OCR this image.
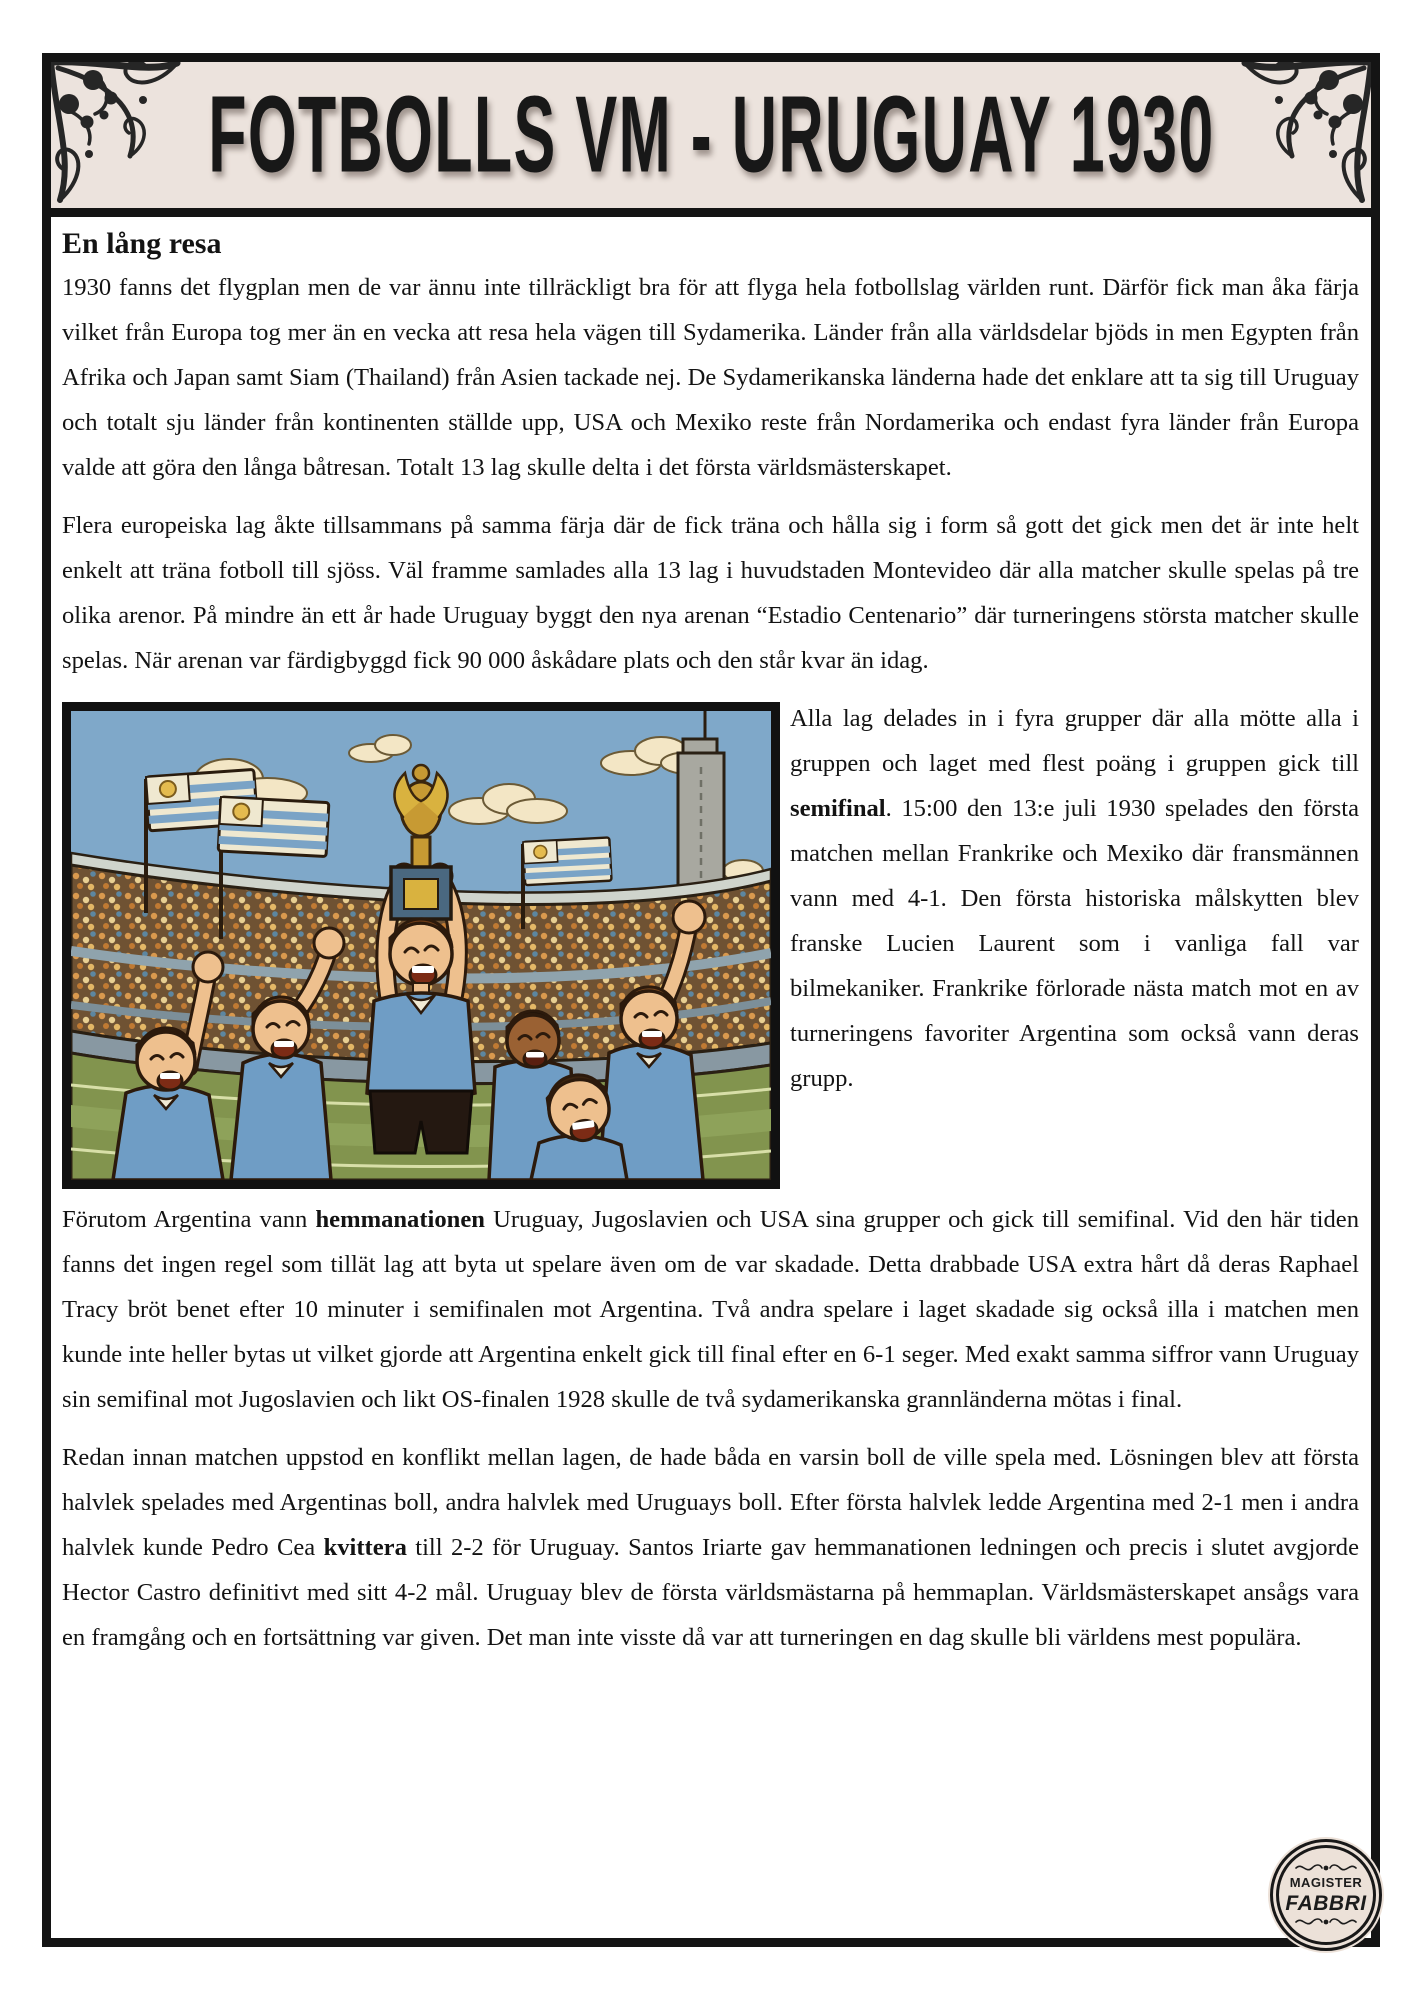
FOTBOLLS VM - URUGUAY 1930
En lång resa

1930 fanns det flygplan men de var ännu inte tillräckligt bra för att flyga hela fotbollslag världen runt. Därför fick man åka färja vilket från Europa tog mer än en vecka att resa hela vägen till Sydamerika. Länder från alla världsdelar bjöds in men Egypten från Afrika och Japan samt Siam (Thailand) från Asien tackade nej. De Sydamerikanska länderna hade det enklare att ta sig till Uruguay och totalt sju länder från kontinenten ställde upp, USA och Mexiko reste från Nordamerika och endast fyra länder från Europa valde att göra den långa båtresan. Totalt 13 lag skulle delta i det första världsmästerskapet.

Flera europeiska lag åkte tillsammans på samma färja där de fick träna och hålla sig i form så gott det gick men det är inte helt enkelt att träna fotboll till sjöss. Väl framme samlades alla 13 lag i huvudstaden Montevideo där alla matcher skulle spelas på tre olika arenor. På mindre än ett år hade Uruguay byggt den nya arenan “Estadio Centenario” där turneringens största matcher skulle spelas. När arenan var färdigbyggd fick 90 000 åskådare plats och den står kvar än idag.

Alla lag delades in i fyra grupper där alla mötte alla i gruppen och laget med flest poäng i gruppen gick till semifinal. 15:00 den 13:e juli 1930 spelades den första matchen mellan Frankrike och Mexiko där fransmännen vann med 4-1. Den första historiska målskytten blev franske Lucien Laurent som i vanliga fall var bilmekaniker. Frankrike förlorade nästa match mot en av turneringens favoriter Argentina som också vann deras grupp.

Förutom Argentina vann hemmanationen Uruguay, Jugoslavien och USA sina grupper och gick till semifinal. Vid den här tiden fanns det ingen regel som tillät lag att byta ut spelare även om de var skadade. Detta drabbade USA extra hårt då deras Raphael Tracy bröt benet efter 10 minuter i semifinalen mot Argentina. Två andra spelare i laget skadade sig också illa i matchen men kunde inte heller bytas ut vilket gjorde att Argentina enkelt gick till final efter en 6-1 seger. Med exakt samma siffror vann Uruguay sin semifinal mot Jugoslavien och likt OS-finalen 1928 skulle de två sydamerikanska grannländerna mötas i final.

Redan innan matchen uppstod en konflikt mellan lagen, de hade båda en varsin boll de ville spela med. Lösningen blev att första halvlek spelades med Argentinas boll, andra halvlek med Uruguays boll. Efter första halvlek ledde Argentina med 2-1 men i andra halvlek kunde Pedro Cea kvittera till 2-2 för Uruguay. Santos Iriarte gav hemmanationen ledningen och precis i slutet avgjorde Hector Castro definitivt med sitt 4-2 mål. Uruguay blev de första världsmästarna på hemmaplan. Världsmästerskapet ansågs vara en framgång och en fortsättning var given. Det man inte visste då var att turneringen en dag skulle bli världens mest populära.

MAGISTER
FABBRI
